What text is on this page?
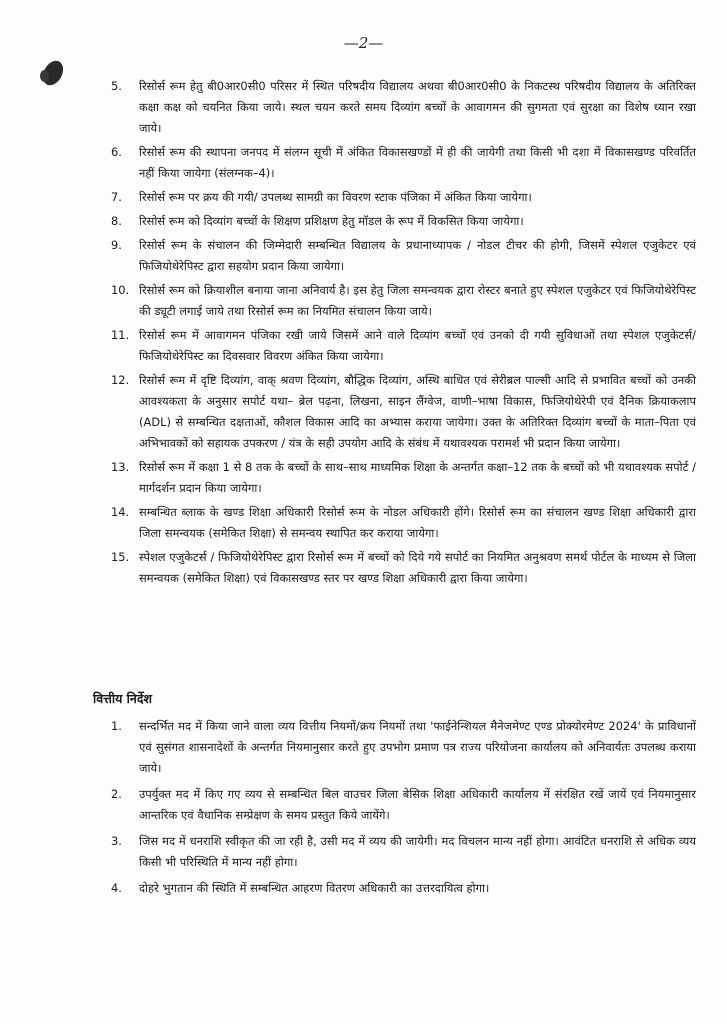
—2—
5. रिसोर्स रूम हेतु बी0आर0सी0 परिसर में स्थित परिषदीय विद्यालय अथवा बी0आर0सी0 के निकटस्थ परिषदीय विद्यालय के अतिरिक्त कक्षा कक्ष को चयनित किया जाये। स्थल चयन करते समय दिव्यांग बच्चों के आवागमन की सुगमता एवं सुरक्षा का विशेष ध्यान रखा जाये।
6. रिसोर्स रूम की स्थापना जनपद में संलग्न सूची में अंकित विकासखण्डों में ही की जायेगी तथा किसी भी दशा में विकासखण्ड परिवर्तित नहीं किया जायेगा (संलग्नक–4)।
7. रिसोर्स रूम पर क्रय की गयी/ उपलब्ध सामग्री का विवरण स्टाक पंजिका में अंकित किया जायेगा।
8. रिसोर्स रूम को दिव्यांग बच्चों के शिक्षण प्रशिक्षण हेतु मॉडल के रूप में विकसित किया जायेगा।
9. रिसोर्स रूम के संचालन की जिम्मेदारी सम्बन्धित विद्यालय के प्रधानाध्यापक / नोडल टीचर की होगी, जिसमें स्पेशल एजुकेटर एवं फिजियोथेरेपिस्ट द्वारा सहयोग प्रदान किया जायेगा।
10. रिसोर्स रूम को क्रियाशील बनाया जाना अनिवार्य है। इस हेतु जिला समन्वयक द्वारा रोस्टर बनाते हुए स्पेशल एजुकेटर एवं फिजियोथेरेपिस्ट की ड्यूटी लगाई जाये तथा रिसोर्स रूम का नियमित संचालन किया जाये।
11. रिसोर्स रूम में आवागमन पंजिका रखी जाये जिसमें आने वाले दिव्यांग बच्चों एवं उनको दी गयी सुविधाओं तथा स्पेशल एजुकेटर्स/फिजियोथेरेपिस्ट का दिवसवार विवरण अंकित किया जायेगा।
12. रिसोर्स रूम में दृष्टि दिव्यांग, वाक् श्रवण दिव्यांग, बौद्धिक दिव्यांग, अस्थि बाधित एवं सेरीब्रल पाल्सी आदि से प्रभावित बच्चों को उनकी आवश्यकता के अनुसार सपोर्ट यथा– ब्रेल पढ़ना, लिखना, साइन लैंग्वेज, वाणी–भाषा विकास, फिजियोथेरेपी एवं दैनिक क्रियाकलाप (ADL) से सम्बन्धित दक्षताओं, कौशल विकास आदि का अभ्यास कराया जायेगा। उक्त के अतिरिक्त दिव्यांग बच्चों के माता–पिता एवं अभिभावकों को सहायक उपकरण / यंत्र के सही उपयोग आदि के संबंध में यथावश्यक परामर्श भी प्रदान किया जायेगा।
13. रिसोर्स रूम में कक्षा 1 से 8 तक के बच्चों के साथ–साथ माध्यमिक शिक्षा के अन्तर्गत कक्षा–12 तक के बच्चों को भी यथावश्यक सपोर्ट / मार्गदर्शन प्रदान किया जायेगा।
14. सम्बन्धित ब्लाक के खण्ड शिक्षा अधिकारी रिसोर्स रूम के नोडल अधिकारी होंगे। रिसोर्स रूम का संचालन खण्ड शिक्षा अधिकारी द्वारा जिला समन्वयक (समेकित शिक्षा) से समन्वय स्थापित कर कराया जायेगा।
15. स्पेशल एजुकेटर्स / फिजियोथेरेपिस्ट द्वारा रिसोर्स रूम में बच्चों को दिये गये सपोर्ट का नियमित अनुश्रवण समर्थ पोर्टल के माध्यम से जिला समन्वयक (समेकित शिक्षा) एवं विकासखण्ड स्तर पर खण्ड शिक्षा अधिकारी द्वारा किया जायेगा।
वित्तीय निर्देश
1. सन्दर्भित मद में किया जाने वाला व्यय वित्तीय नियमों/क्रय नियमों तथा 'फाईनेन्शियल मैनेजमेण्ट एण्ड प्रोक्योरमेण्ट 2024' के प्राविधानों एवं सुसंगत शासनादेशों के अन्तर्गत नियमानुसार करते हुए उपभोग प्रमाण पत्र राज्य परियोजना कार्यालय को अनिवार्यतः उपलब्ध कराया जाये।
2. उपर्युक्त मद में किए गए व्यय से सम्बन्धित बिल वाउचर जिला बेसिक शिक्षा अधिकारी कार्यालय में संरक्षित रखें जायें एवं नियमानुसार आन्तरिक एवं वैधानिक सम्प्रेक्षण के समय प्रस्तुत किये जायेंगे।
3. जिस मद में धनराशि स्वीकृत की जा रही है, उसी मद में व्यय की जायेगी। मद विचलन मान्य नहीं होगा। आवंटित धनराशि से अधिक व्यय किसी भी परिस्थिति में मान्य नहीं होगा।
4. दोहरे भुगतान की स्थिति में सम्बन्धित आहरण वितरण अधिकारी का उत्तरदायित्व होगा।
